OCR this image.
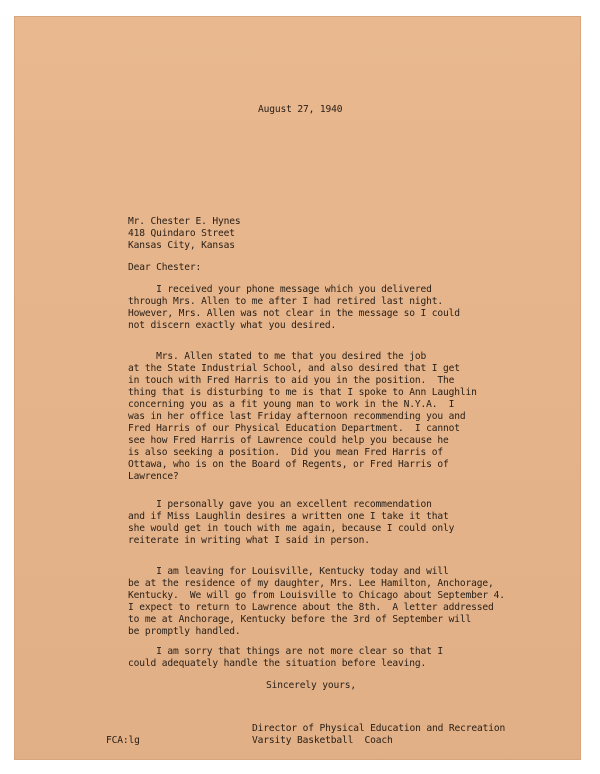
August 27, 1940
Mr. Chester E. Hynes
418 Quindaro Street
Kansas City, Kansas
Dear Chester:
I received your phone message which you delivered
through Mrs. Allen to me after I had retired last night.
However, Mrs. Allen was not clear in the message so I could
not discern exactly what you desired.
Mrs. Allen stated to me that you desired the job
at the State Industrial School, and also desired that I get
in touch with Fred Harris to aid you in the position.  The
thing that is disturbing to me is that I spoke to Ann Laughlin
concerning you as a fit young man to work in the N.Y.A.  I
was in her office last Friday afternoon recommending you and
Fred Harris of our Physical Education Department.  I cannot
see how Fred Harris of Lawrence could help you because he
is also seeking a position.  Did you mean Fred Harris of
Ottawa, who is on the Board of Regents, or Fred Harris of
Lawrence?
I personally gave you an excellent recommendation
and if Miss Laughlin desires a written one I take it that
she would get in touch with me again, because I could only
reiterate in writing what I said in person.
I am leaving for Louisville, Kentucky today and will
be at the residence of my daughter, Mrs. Lee Hamilton, Anchorage,
Kentucky.  We will go from Louisville to Chicago about September 4.
I expect to return to Lawrence about the 8th.  A letter addressed
to me at Anchorage, Kentucky before the 3rd of September will
be promptly handled.
I am sorry that things are not more clear so that I
could adequately handle the situation before leaving.
Sincerely yours,
Director of Physical Education and Recreation
Varsity Basketball  Coach
FCA:lg
